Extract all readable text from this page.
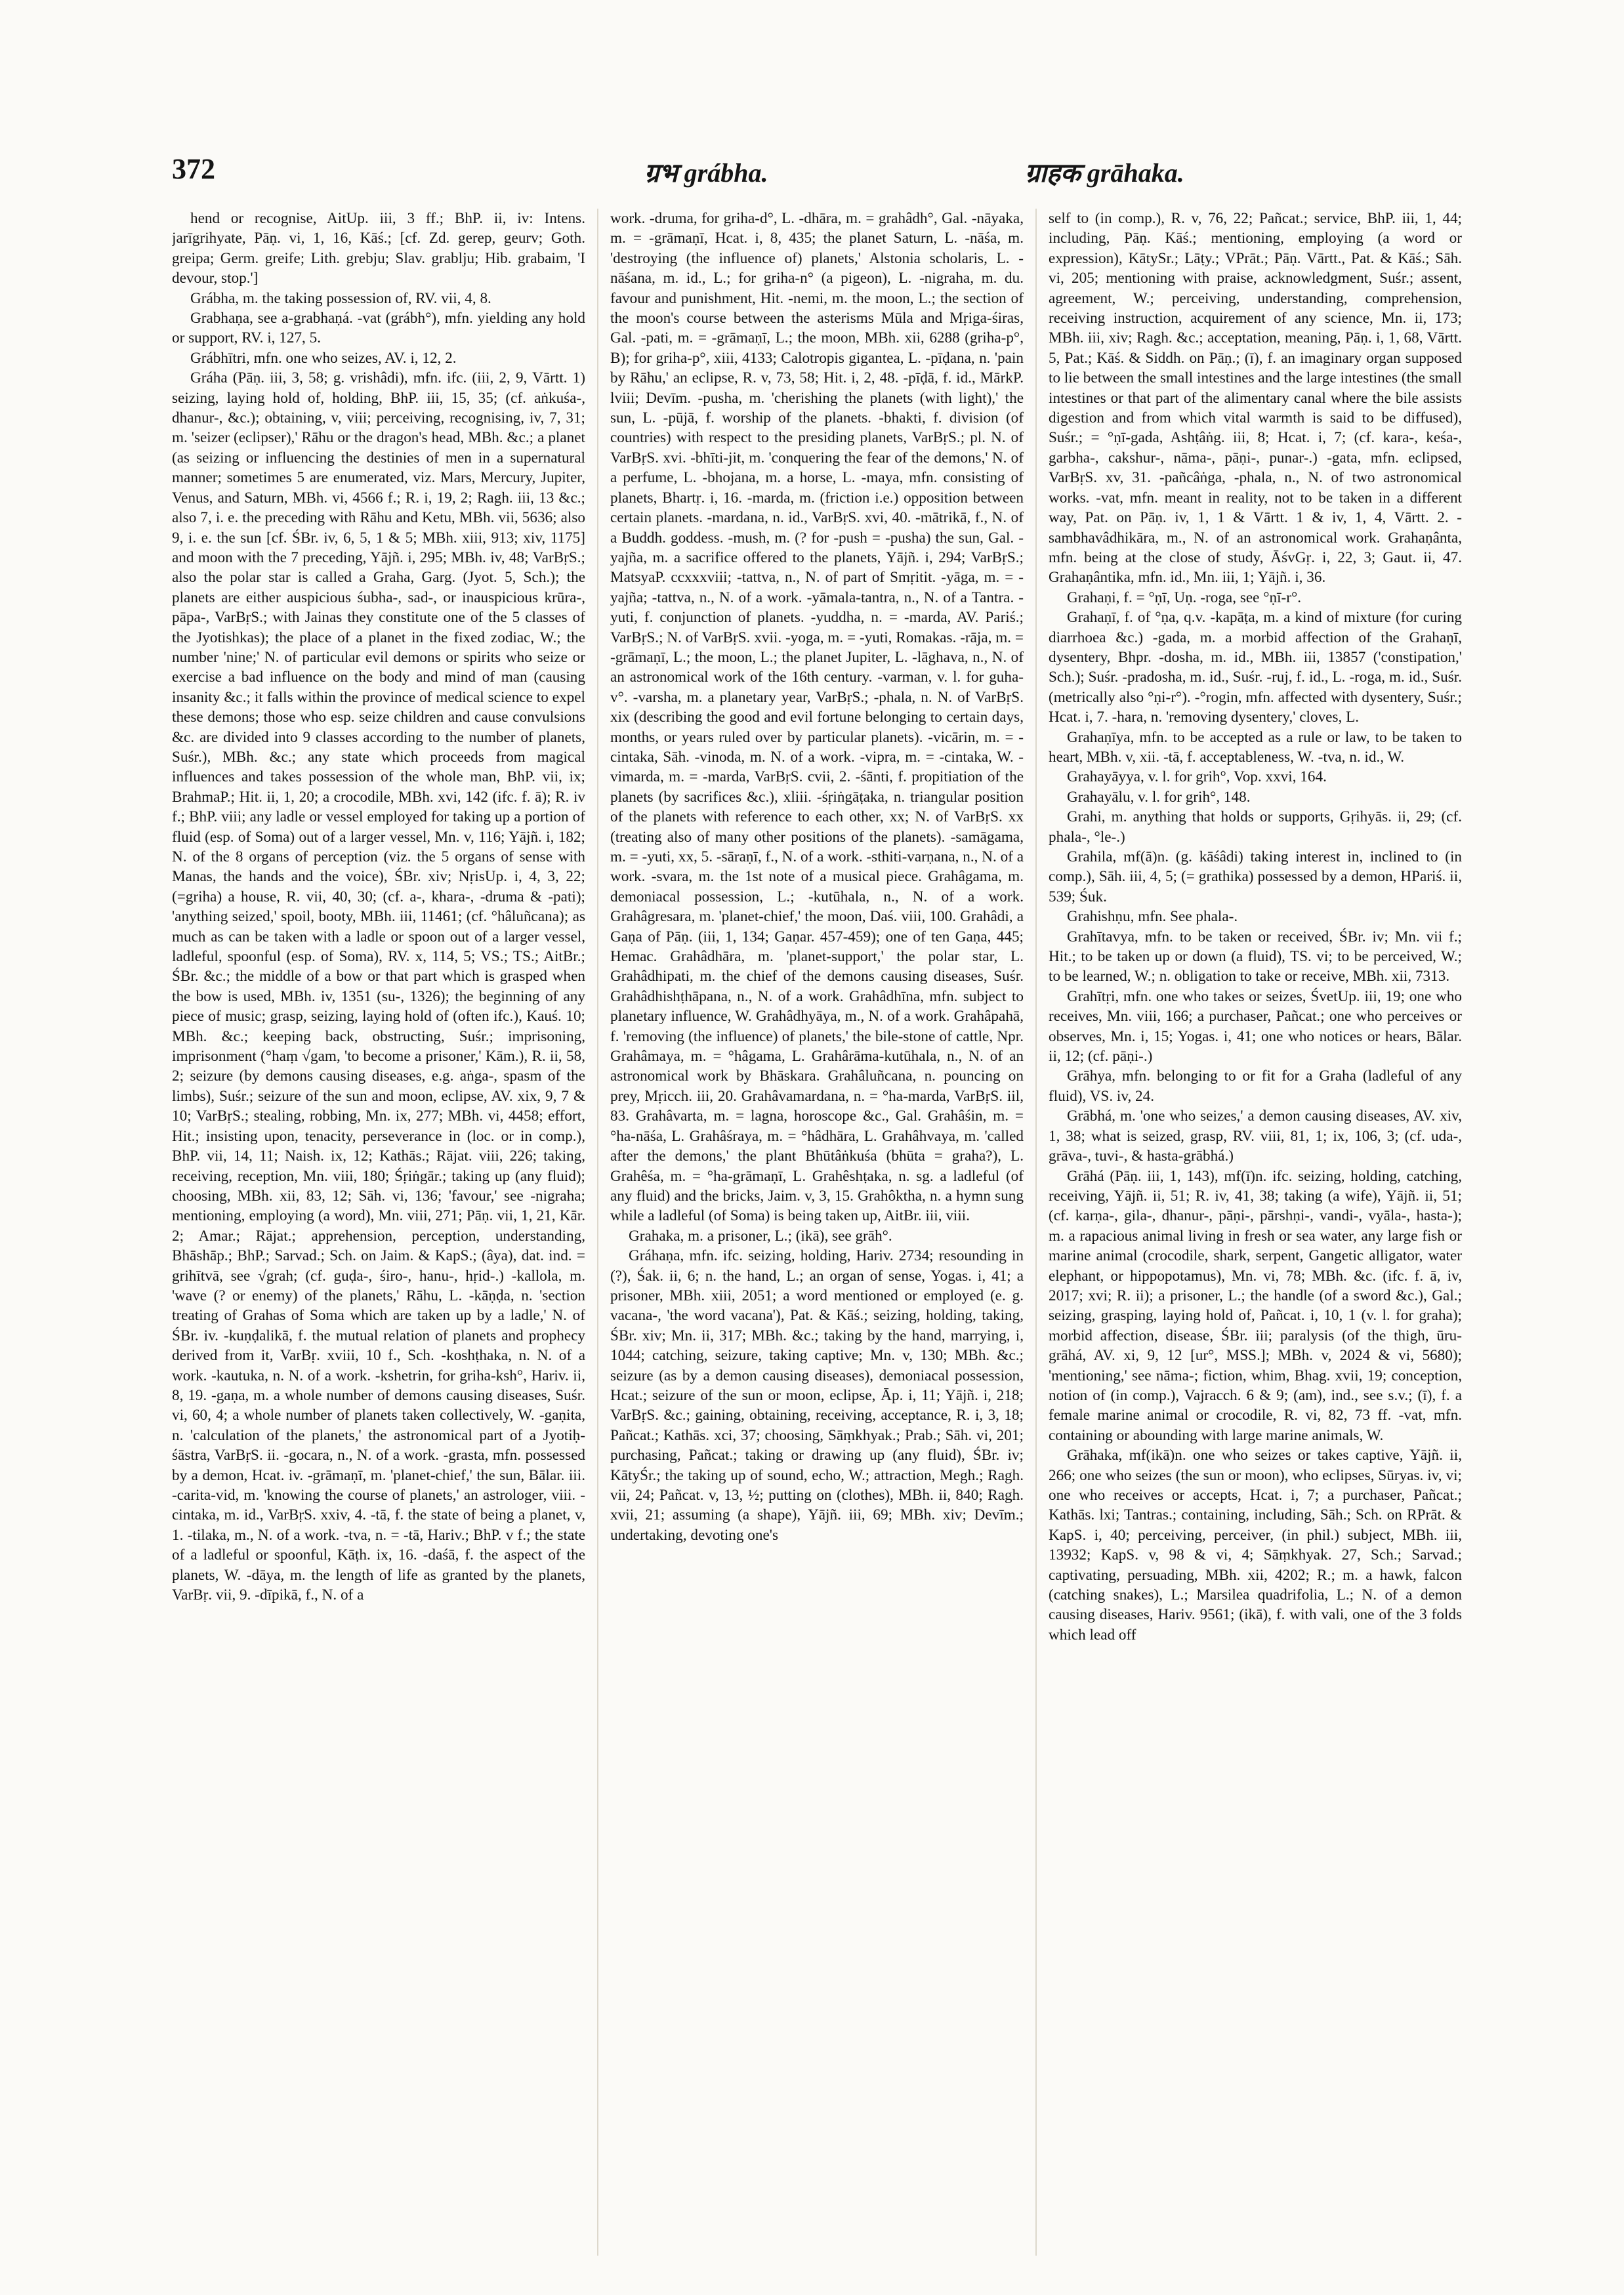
372	ग्रभ grábha.	ग्राहक grāhaka.

hend or recognise, AitUp. iii, 3 ff.; BhP. ii, iv: Intens. jarīgrihyate, Pāṇ. vi, 1, 16, Kāś.; [cf. Zd. gerep, geurv; Goth. greipa; Germ. greife; Lith. grebju; Slav. grablju; Hib. grabaim, 'I devour, stop.']

Grábha, m. the taking possession of, RV. vii, 4, 8.

Grabhaṇa, see a-grabhaṇá. -vat (grábh°), mfn. yielding any hold or support, RV. i, 127, 5.

Grábhītri, mfn. one who seizes, AV. i, 12, 2.

Gráha (Pāṇ. iii, 3, 58; g. vrishâdi), mfn. ifc. (iii, 2, 9, Vārtt. 1) seizing, laying hold of, holding, BhP. iii, 15, 35; (cf. aṅkuśa-, dhanur-, &c.); obtaining, v, viii; perceiving, recognising, iv, 7, 31; m. 'seizer (eclipser),' Rāhu or the dragon's head, MBh. &c.; a planet (as seizing or influencing the destinies of men in a supernatural manner; sometimes 5 are enumerated, viz. Mars, Mercury, Jupiter, Venus, and Saturn, MBh. vi, 4566 f.; R. i, 19, 2; Ragh. iii, 13 &c.; also 7, i. e. the preceding with Rāhu and Ketu, MBh. vii, 5636; also 9, i. e. the sun [cf. ŚBr. iv, 6, 5, 1 & 5; MBh. xiii, 913; xiv, 1175] and moon with the 7 preceding, Yājñ. i, 295; MBh. iv, 48; VarBṛS.; also the polar star is called a Graha, Garg. (Jyot. 5, Sch.); the planets are either auspicious śubha-, sad-, or inauspicious krūra-, pāpa-, VarBṛS.; with Jainas they constitute one of the 5 classes of the Jyotishkas); the place of a planet in the fixed zodiac, W.; the number 'nine;' N. of particular evil demons or spirits who seize or exercise a bad influence on the body and mind of man (causing insanity &c.; it falls within the province of medical science to expel these demons; those who esp. seize children and cause convulsions &c. are divided into 9 classes according to the number of planets, Suśr.), MBh. &c.; any state which proceeds from magical influences and takes possession of the whole man, BhP. vii, ix; BrahmaP.; Hit. ii, 1, 20; a crocodile, MBh. xvi, 142 (ifc. f. ā); R. iv f.; BhP. viii; any ladle or vessel employed for taking up a portion of fluid (esp. of Soma) out of a larger vessel, Mn. v, 116; Yājñ. i, 182; N. of the 8 organs of perception (viz. the 5 organs of sense with Manas, the hands and the voice), ŚBr. xiv; NṛisUp. i, 4, 3, 22; (=griha) a house, R. vii, 40, 30; (cf. a-, khara-, -druma & -pati); 'anything seized,' spoil, booty, MBh. iii, 11461; (cf. °hâluñcana); as much as can be taken with a ladle or spoon out of a larger vessel, ladleful, spoonful (esp. of Soma), RV. x, 114, 5; VS.; TS.; AitBr.; ŚBr. &c.; the middle of a bow or that part which is grasped when the bow is used, MBh. iv, 1351 (su-, 1326); the beginning of any piece of music; grasp, seizing, laying hold of (often ifc.), Kauś. 10; MBh. &c.; keeping back, obstructing, Suśr.; imprisoning, imprisonment (°haṃ √gam, 'to become a prisoner,' Kām.), R. ii, 58, 2; seizure (by demons causing diseases, e.g. aṅga-, spasm of the limbs), Suśr.; seizure of the sun and moon, eclipse, AV. xix, 9, 7 & 10; VarBṛS.; stealing, robbing, Mn. ix, 277; MBh. vi, 4458; effort, Hit.; insisting upon, tenacity, perseverance in (loc. or in comp.), BhP. vii, 14, 11; Naish. ix, 12; Kathās.; Rājat. viii, 226; taking, receiving, reception, Mn. viii, 180; Śṛiṅgār.; taking up (any fluid); choosing, MBh. xii, 83, 12; Sāh. vi, 136; 'favour,' see -nigraha; mentioning, employing (a word), Mn. viii, 271; Pāṇ. vii, 1, 21, Kār. 2; Amar.; Rājat.; apprehension, perception, understanding, Bhāshāp.; BhP.; Sarvad.; Sch. on Jaim. & KapS.; (âya), dat. ind. = grihītvā, see √grah; (cf. guḍa-, śiro-, hanu-, hṛid-.) -kallola, m. 'wave (? or enemy) of the planets,' Rāhu, L. -kāṇḍa, n. 'section treating of Grahas of Soma which are taken up by a ladle,' N. of ŚBr. iv. -kuṇḍalikā, f. the mutual relation of planets and prophecy derived from it, VarBṛ. xviii, 10 f., Sch. -koshṭhaka, n. N. of a work. -kautuka, n. N. of a work. -kshetrin, for griha-ksh°, Hariv. ii, 8, 19. -gaṇa, m. a whole number of demons causing diseases, Suśr. vi, 60, 4; a whole number of planets taken collectively, W. -gaṇita, n. 'calculation of the planets,' the astronomical part of a Jyotiḥ-śāstra, VarBṛS. ii. -gocara, n., N. of a work. -grasta, mfn. possessed by a demon, Hcat. iv. -grāmaṇī, m. 'planet-chief,' the sun, Bālar. iii. -carita-vid, m. 'knowing the course of planets,' an astrologer, viii. -cintaka, m. id., VarBṛS. xxiv, 4. -tā, f. the state of being a planet, v, 1. -tilaka, m., N. of a work. -tva, n. = -tā, Hariv.; BhP. v f.; the state of a ladleful or spoonful, Kāṭh. ix, 16. -daśā, f. the aspect of the planets, W. -dāya, m. the length of life as granted by the planets, VarBṛ. vii, 9. -dīpikā, f., N. of a

work. -druma, for griha-d°, L. -dhāra, m. = grahâdh°, Gal. -nāyaka, m. = -grāmaṇī, Hcat. i, 8, 435; the planet Saturn, L. -nāśa, m. 'destroying (the influence of) planets,' Alstonia scholaris, L. -nāśana, m. id., L.; for griha-n° (a pigeon), L. -nigraha, m. du. favour and punishment, Hit. -nemi, m. the moon, L.; the section of the moon's course between the asterisms Mūla and Mṛiga-śiras, Gal. -pati, m. = -grāmaṇī, L.; the moon, MBh. xii, 6288 (griha-p°, B); for griha-p°, xiii, 4133; Calotropis gigantea, L. -pīḍana, n. 'pain by Rāhu,' an eclipse, R. v, 73, 58; Hit. i, 2, 48. -pīḍā, f. id., MārkP. lviii; Devīm. -pusha, m. 'cherishing the planets (with light),' the sun, L. -pūjā, f. worship of the planets. -bhakti, f. division (of countries) with respect to the presiding planets, VarBṛS.; pl. N. of VarBṛS. xvi. -bhīti-jit, m. 'conquering the fear of the demons,' N. of a perfume, L. -bhojana, m. a horse, L. -maya, mfn. consisting of planets, Bhartṛ. i, 16. -marda, m. (friction i.e.) opposition between certain planets. -mardana, n. id., VarBṛS. xvi, 40. -mātrikā, f., N. of a Buddh. goddess. -mush, m. (? for -push = -pusha) the sun, Gal. -yajña, m. a sacrifice offered to the planets, Yājñ. i, 294; VarBṛS.; MatsyaP. ccxxxviii; -tattva, n., N. of part of Smṛitit. -yāga, m. = -yajña; -tattva, n., N. of a work. -yāmala-tantra, n., N. of a Tantra. -yuti, f. conjunction of planets. -yuddha, n. = -marda, AV. Pariś.; VarBṛS.; N. of VarBṛS. xvii. -yoga, m. = -yuti, Romakas. -rāja, m. = -grāmaṇī, L.; the moon, L.; the planet Jupiter, L. -lāghava, n., N. of an astronomical work of the 16th century. -varman, v. l. for guha-v°. -varsha, m. a planetary year, VarBṛS.; -phala, n. N. of VarBṛS. xix (describing the good and evil fortune belonging to certain days, months, or years ruled over by particular planets). -vicārin, m. = -cintaka, Sāh. -vinoda, m. N. of a work. -vipra, m. = -cintaka, W. -vimarda, m. = -marda, VarBṛS. cvii, 2. -śānti, f. propitiation of the planets (by sacrifices &c.), xliii. -śṛiṅgāṭaka, n. triangular position of the planets with reference to each other, xx; N. of VarBṛS. xx (treating also of many other positions of the planets). -samāgama, m. = -yuti, xx, 5. -sāraṇī, f., N. of a work. -sthiti-varṇana, n., N. of a work. -svara, m. the 1st note of a musical piece. Grahâgama, m. demoniacal possession, L.; -kutūhala, n., N. of a work. Grahâgresara, m. 'planet-chief,' the moon, Daś. viii, 100. Grahâdi, a Gaṇa of Pāṇ. (iii, 1, 134; Gaṇar. 457-459); one of ten Gaṇa, 445; Hemac. Grahâdhāra, m. 'planet-support,' the polar star, L. Grahâdhipati, m. the chief of the demons causing diseases, Suśr. Grahâdhishṭhāpana, n., N. of a work. Grahâdhīna, mfn. subject to planetary influence, W. Grahâdhyāya, m., N. of a work. Grahâpahā, f. 'removing (the influence) of planets,' the bile-stone of cattle, Npr. Grahâmaya, m. = °hâgama, L. Grahârāma-kutūhala, n., N. of an astronomical work by Bhāskara. Grahâluñcana, n. pouncing on prey, Mṛicch. iii, 20. Grahâvamardana, n. = °ha-marda, VarBṛS. iil, 83. Grahâvarta, m. = lagna, horoscope &c., Gal. Grahâśin, m. = °ha-nāśa, L. Grahâśraya, m. = °hâdhāra, L. Grahâhvaya, m. 'called after the demons,' the plant Bhūtâṅkuśa (bhūta = graha?), L. Grahêśa, m. = °ha-grāmaṇī, L. Grahêshṭaka, n. sg. a ladleful (of any fluid) and the bricks, Jaim. v, 3, 15. Grahôktha, n. a hymn sung while a ladleful (of Soma) is being taken up, AitBr. iii, viii.

Grahaka, m. a prisoner, L.; (ikā), see grāh°.

Gráhaṇa, mfn. ifc. seizing, holding, Hariv. 2734; resounding in (?), Śak. ii, 6; n. the hand, L.; an organ of sense, Yogas. i, 41; a prisoner, MBh. xiii, 2051; a word mentioned or employed (e. g. vacana-, 'the word vacana'), Pat. & Kāś.; seizing, holding, taking, ŚBr. xiv; Mn. ii, 317; MBh. &c.; taking by the hand, marrying, i, 1044; catching, seizure, taking captive; Mn. v, 130; MBh. &c.; seizure (as by a demon causing diseases), demoniacal possession, Hcat.; seizure of the sun or moon, eclipse, Āp. i, 11; Yājñ. i, 218; VarBṛS. &c.; gaining, obtaining, receiving, acceptance, R. i, 3, 18; Pañcat.; Kathās. xci, 37; choosing, Sāṃkhyak.; Prab.; Sāh. vi, 201; purchasing, Pañcat.; taking or drawing up (any fluid), ŚBr. iv; KātyŚr.; the taking up of sound, echo, W.; attraction, Megh.; Ragh. vii, 24; Pañcat. v, 13, ½; putting on (clothes), MBh. ii, 840; Ragh. xvii, 21; assuming (a shape), Yājñ. iii, 69; MBh. xiv; Devīm.; undertaking, devoting one's

self to (in comp.), R. v, 76, 22; Pañcat.; service, BhP. iii, 1, 44; including, Pāṇ. Kāś.; mentioning, employing (a word or expression), KātySr.; Lāṭy.; VPrāt.; Pāṇ. Vārtt., Pat. & Kāś.; Sāh. vi, 205; mentioning with praise, acknowledgment, Suśr.; assent, agreement, W.; perceiving, understanding, comprehension, receiving instruction, acquirement of any science, Mn. ii, 173; MBh. iii, xiv; Ragh. &c.; acceptation, meaning, Pāṇ. i, 1, 68, Vārtt. 5, Pat.; Kāś. & Siddh. on Pāṇ.; (ī), f. an imaginary organ supposed to lie between the small intestines and the large intestines (the small intestines or that part of the alimentary canal where the bile assists digestion and from which vital warmth is said to be diffused), Suśr.; = °ṇī-gada, Ashṭâṅg. iii, 8; Hcat. i, 7; (cf. kara-, keśa-, garbha-, cakshur-, nāma-, pāṇi-, punar-.) -gata, mfn. eclipsed, VarBṛS. xv, 31. -pañcâṅga, -phala, n., N. of two astronomical works. -vat, mfn. meant in reality, not to be taken in a different way, Pat. on Pāṇ. iv, 1, 1 & Vārtt. 1 & iv, 1, 4, Vārtt. 2. -sambhavâdhikāra, m., N. of an astronomical work. Grahaṇânta, mfn. being at the close of study, ĀśvGṛ. i, 22, 3; Gaut. ii, 47. Grahaṇântika, mfn. id., Mn. iii, 1; Yājñ. i, 36.

Grahaṇi, f. = °ṇī, Uṇ. -roga, see °ṇī-r°.

Grahaṇī, f. of °ṇa, q.v. -kapāṭa, m. a kind of mixture (for curing diarrhoea &c.) -gada, m. a morbid affection of the Grahaṇī, dysentery, Bhpr. -dosha, m. id., MBh. iii, 13857 ('constipation,' Sch.); Suśr. -pradosha, m. id., Suśr. -ruj, f. id., L. -roga, m. id., Suśr. (metrically also °ṇi-r°). -°rogin, mfn. affected with dysentery, Suśr.; Hcat. i, 7. -hara, n. 'removing dysentery,' cloves, L.

Grahaṇīya, mfn. to be accepted as a rule or law, to be taken to heart, MBh. v, xii. -tā, f. acceptableness, W. -tva, n. id., W.

Grahayāyya, v. l. for grih°, Vop. xxvi, 164.

Grahayālu, v. l. for grih°, 148.

Grahi, m. anything that holds or supports, Gṛihyās. ii, 29; (cf. phala-, °le-.)

Grahila, mf(ā)n. (g. kāśâdi) taking interest in, inclined to (in comp.), Sāh. iii, 4, 5; (= grathika) possessed by a demon, HPariś. ii, 539; Śuk.

Grahishṇu, mfn. See phala-.

Grahītavya, mfn. to be taken or received, ŚBr. iv; Mn. vii f.; Hit.; to be taken up or down (a fluid), TS. vi; to be perceived, W.; to be learned, W.; n. obligation to take or receive, MBh. xii, 7313.

Grahītṛi, mfn. one who takes or seizes, ŚvetUp. iii, 19; one who receives, Mn. viii, 166; a purchaser, Pañcat.; one who perceives or observes, Mn. i, 15; Yogas. i, 41; one who notices or hears, Bālar. ii, 12; (cf. pāṇi-.)

Grāhya, mfn. belonging to or fit for a Graha (ladleful of any fluid), VS. iv, 24.

Grābhá, m. 'one who seizes,' a demon causing diseases, AV. xiv, 1, 38; what is seized, grasp, RV. viii, 81, 1; ix, 106, 3; (cf. uda-, grāva-, tuvi-, & hasta-grābhá.)

Grāhá (Pāṇ. iii, 1, 143), mf(ī)n. ifc. seizing, holding, catching, receiving, Yājñ. ii, 51; R. iv, 41, 38; taking (a wife), Yājñ. ii, 51; (cf. karṇa-, gila-, dhanur-, pāṇi-, pārshṇi-, vandi-, vyāla-, hasta-); m. a rapacious animal living in fresh or sea water, any large fish or marine animal (crocodile, shark, serpent, Gangetic alligator, water elephant, or hippopotamus), Mn. vi, 78; MBh. &c. (ifc. f. ā, iv, 2017; xvi; R. ii); a prisoner, L.; the handle (of a sword &c.), Gal.; seizing, grasping, laying hold of, Pañcat. i, 10, 1 (v. l. for graha); morbid affection, disease, ŚBr. iii; paralysis (of the thigh, ūru-grāhá, AV. xi, 9, 12 [ur°, MSS.]; MBh. v, 2024 & vi, 5680); 'mentioning,' see nāma-; fiction, whim, Bhag. xvii, 19; conception, notion of (in comp.), Vajracch. 6 & 9; (am), ind., see s.v.; (ī), f. a female marine animal or crocodile, R. vi, 82, 73 ff. -vat, mfn. containing or abounding with large marine animals, W.

Grāhaka, mf(ikā)n. one who seizes or takes captive, Yājñ. ii, 266; one who seizes (the sun or moon), who eclipses, Sūryas. iv, vi; one who receives or accepts, Hcat. i, 7; a purchaser, Pañcat.; Kathās. lxi; Tantras.; containing, including, Sāh.; Sch. on RPrāt. & KapS. i, 40; perceiving, perceiver, (in phil.) subject, MBh. iii, 13932; KapS. v, 98 & vi, 4; Sāṃkhyak. 27, Sch.; Sarvad.; captivating, persuading, MBh. xii, 4202; R.; m. a hawk, falcon (catching snakes), L.; Marsilea quadrifolia, L.; N. of a demon causing diseases, Hariv. 9561; (ikā), f. with vali, one of the 3 folds which lead off
